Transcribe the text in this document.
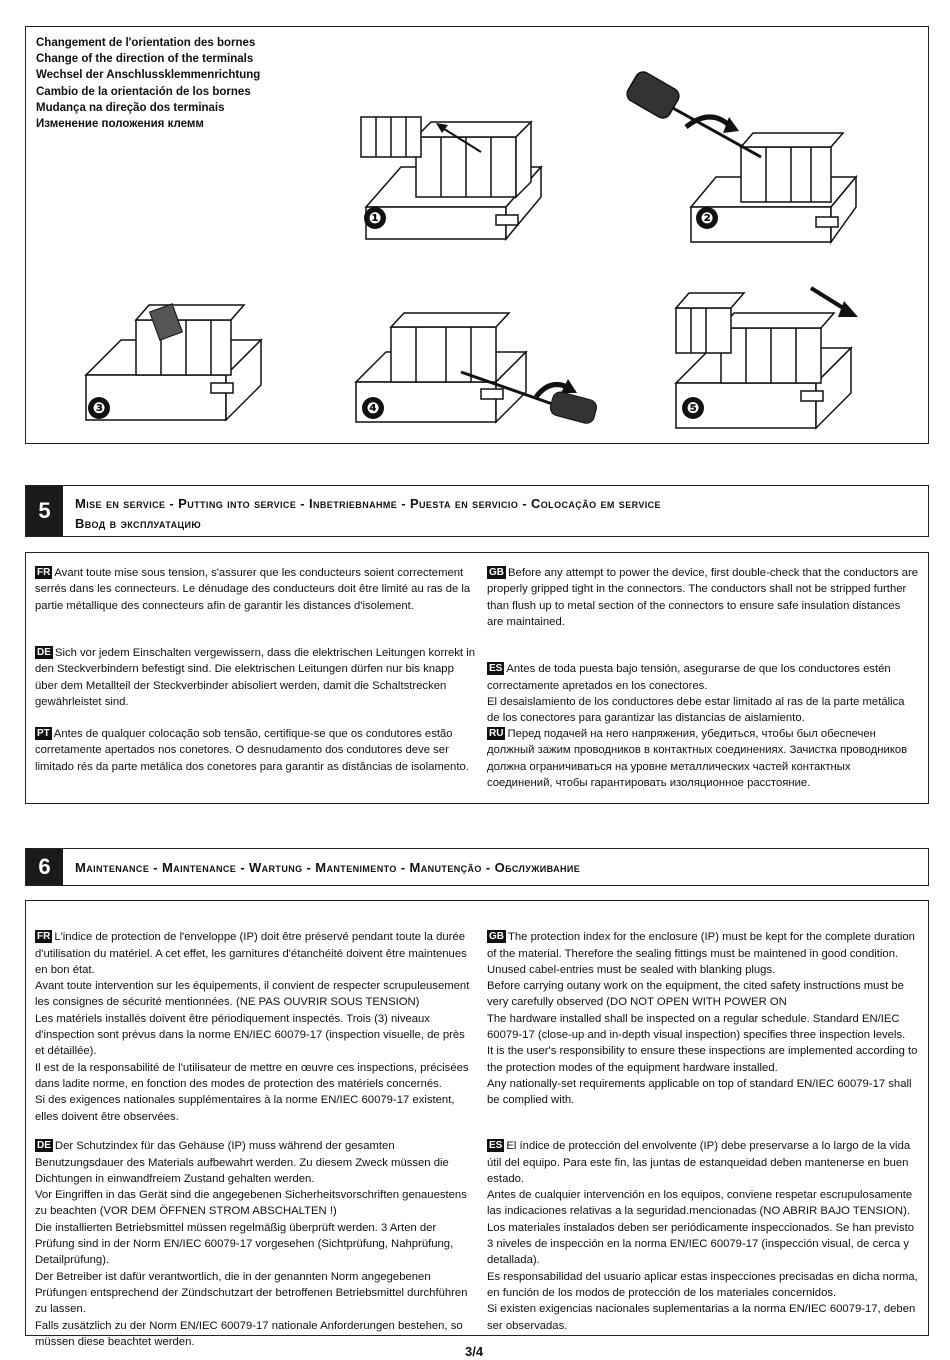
Changement de l'orientation des bornes
Change of the direction of the terminals
Wechsel der Anschlussklemmenrichtung
Cambio de la orientación de los bornes
Mudança na direção dos terminais
Изменение положения клемм
❶	❷
❸	❹	❺
5	Mise en service - Putting into service - Inbetriebnahme - Puesta en servicio - Colocação em service
Ввод в эксплуатацию
FR Avant toute mise sous tension, s'assurer que les conducteurs soient correctement serrés dans les connecteurs. Le dénudage des conducteurs doit être limité au ras de la partie métallique des connecteurs afin de garantir les distances d'isolement.
DE Sich vor jedem Einschalten vergewissern, dass die elektrischen Leitungen korrekt in den Steckverbindern befestigt sind. Die elektrischen Leitungen dürfen nur bis knapp über dem Metallteil der Steckverbinder abisoliert werden, damit die Schaltstrecken gewährleistet sind.
PT Antes de qualquer colocação sob tensão, certifique-se que os condutores estão corretamente apertados nos conetores. O desnudamento dos condutores deve ser limitado rés da parte metálica dos conetores para garantir as distâncias de isolamento.
GB Before any attempt to power the device, first double-check that the conductors are properly gripped tight in the connectors. The conductors shall not be stripped further than flush up to metal section of the connectors to ensure safe insulation distances are maintained.

ES Antes de toda puesta bajo tensión, asegurarse de que los conductores estén correctamente apretados en los conectores.
El desaislamiento de los conductores debe estar limitado al ras de la parte metálica de los conectores para garantizar las distancias de aislamiento.

RU Перед подачей на него напряжения, убедиться, чтобы был обеспечен должный зажим проводников в контактных соединениях. Зачистка проводников должна ограничиваться на уровне металлических частей контактных соединений, чтобы гарантировать изоляционное расстояние.
6	Maintenance - Maintenance - Wartung - Mantenimento - Manutenção - Обслуживание

FR L'indice de protection de l'enveloppe (IP) doit être préservé pendant toute la durée d'utilisation du matériel. A cet effet, les garnitures d'étanchéité doivent être maintenues en bon état.
Avant toute intervention sur les équipements, il convient de respecter scrupuleusement les consignes de sécurité mentionnées. (NE PAS OUVRIR SOUS TENSION)
Les matériels installés doivent être périodiquement inspectés. Trois (3) niveaux d'inspection sont prévus dans la norme EN/IEC 60079-17 (inspection visuelle, de près et détaillée).
Il est de la responsabilité de l'utilisateur de mettre en œuvre ces inspections, précisées dans ladite norme, en fonction des modes de protection des matériels concernés.
Si des exigences nationales supplémentaires à la norme EN/IEC 60079-17 existent, elles doivent être observées.

DE Der Schutzindex für das Gehäuse (IP) muss während der gesamten Benutzungsdauer des Materials aufbewahrt werden. Zu diesem Zweck müssen die Dichtungen in einwandfreiem Zustand gehalten werden.
Vor Eingriffen in das Gerät sind die angegebenen Sicherheitsvorschriften genauestens zu beachten (VOR DEM ÖFFNEN STROM ABSCHALTEN !)
Die installierten Betriebsmittel müssen regelmäßig überprüft werden. 3 Arten der Prüfung sind in der Norm EN/IEC 60079-17 vorgesehen (Sichtprüfung, Nahprüfung, Detailprüfung).
Der Betreiber ist dafür verantwortlich, die in der genannten Norm angegebenen Prüfungen entsprechend der Zündschutzart der betroffenen Betriebsmittel durchführen zu lassen.
Falls zusätzlich zu der Norm EN/IEC 60079-17 nationale Anforderungen bestehen, so müssen diese beachtet werden.

GB The protection index for the enclosure (IP) must be kept for the complete duration of the material. Therefore the sealing fittings must be maintened in good condition.
Unused cabel-entries must be sealed with blanking plugs.
Before carrying outany work on the equipment, the cited safety instructions must be very carefully observed (DO NOT OPEN WITH POWER ON
The hardware installed shall be inspected on a regular schedule. Standard EN/IEC 60079-17 (close-up and in-depth visual inspection) specifies three inspection levels.
It is the user's responsibility to ensure these inspections are implemented according to the protection modes of the equipment hardware installed.
Any nationally-set requirements applicable on top of standard EN/IEC 60079-17 shall be complied with.

ES El índice de protección del envolvente (IP) debe preservarse a lo largo de la vida útil del equipo. Para este fin, las juntas de estanqueidad deben mantenerse en buen estado.
Antes de cualquier intervención en los equipos, conviene respetar escrupulosamente las indicaciones relativas a la seguridad.mencionadas (NO ABRIR BAJO TENSION).
Los materiales instalados deben ser periódicamente inspeccionados. Se han previsto 3 niveles de inspección en la norma EN/IEC 60079-17 (inspección visual, de cerca y detallada).
Es responsabilidad del usuario aplicar estas inspecciones precisadas en dicha norma, en función de los modos de protección de los materiales concernidos.
Si existen exigencias nacionales suplementarias a la norma EN/IEC 60079-17, deben ser observadas.

3/4
